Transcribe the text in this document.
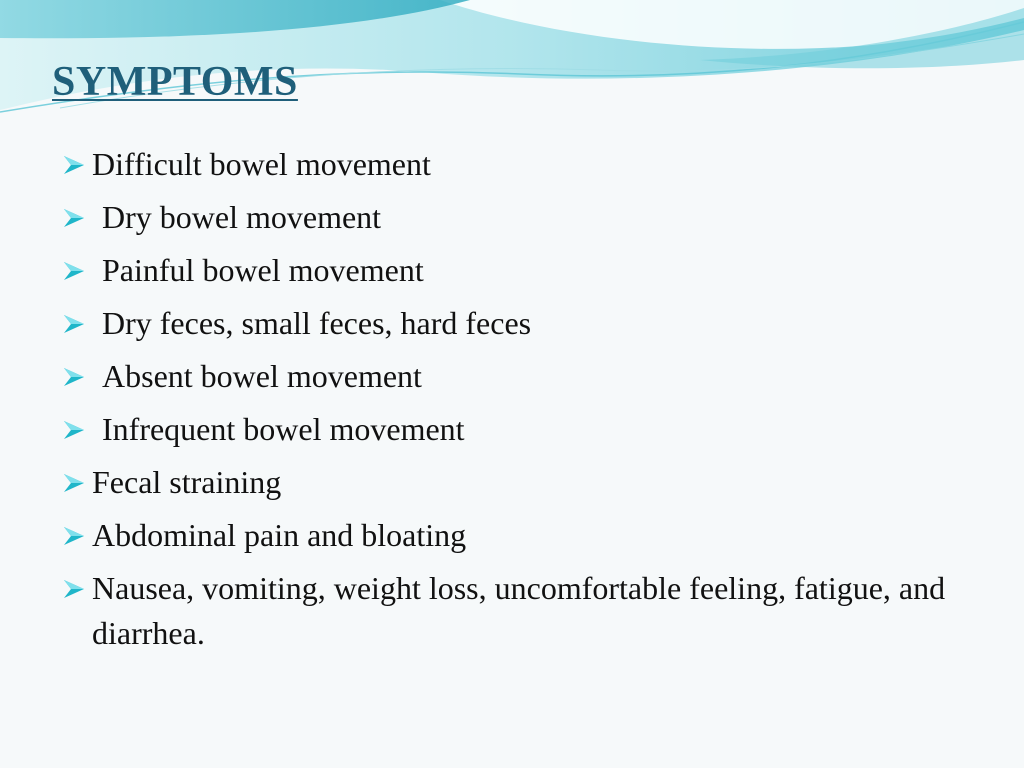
SYMPTOMS
Difficult bowel movement
Dry bowel movement
Painful bowel movement
Dry feces, small feces, hard feces
Absent bowel movement
Infrequent bowel movement
Fecal straining
Abdominal pain and bloating
Nausea, vomiting, weight loss, uncomfortable feeling, fatigue, and diarrhea.
